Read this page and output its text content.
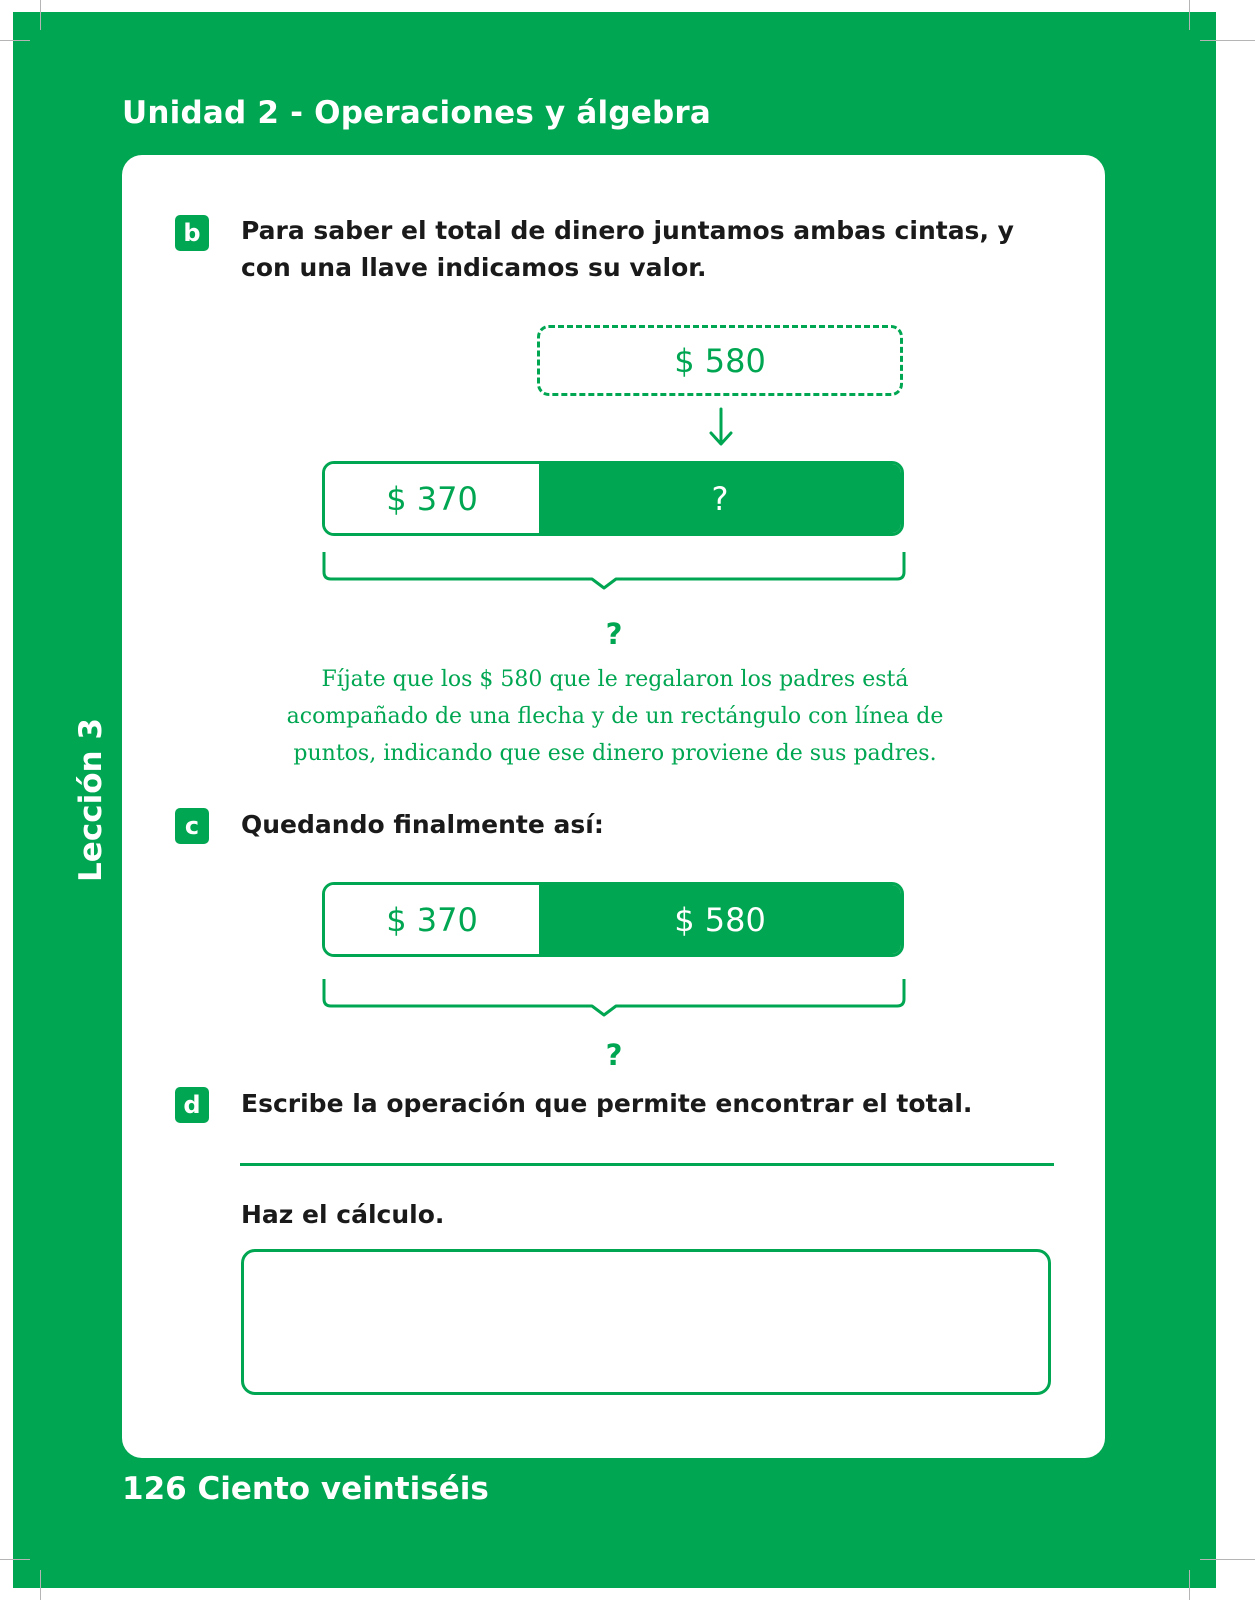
Unidad 2 - Operaciones y álgebra
Lección 3
126 Ciento veintiséis
b	Para saber el total de dinero juntamos ambas cintas, y con una llave indicamos su valor.
$ 580
$ 370	?
?
Fíjate que los $ 580 que le regalaron los padres está acompañado de una flecha y de un rectángulo con línea de puntos, indicando que ese dinero proviene de sus padres.
c	Quedando finalmente así:
$ 370	$ 580
?
d	Escribe la operación que permite encontrar el total.
Haz el cálculo.
